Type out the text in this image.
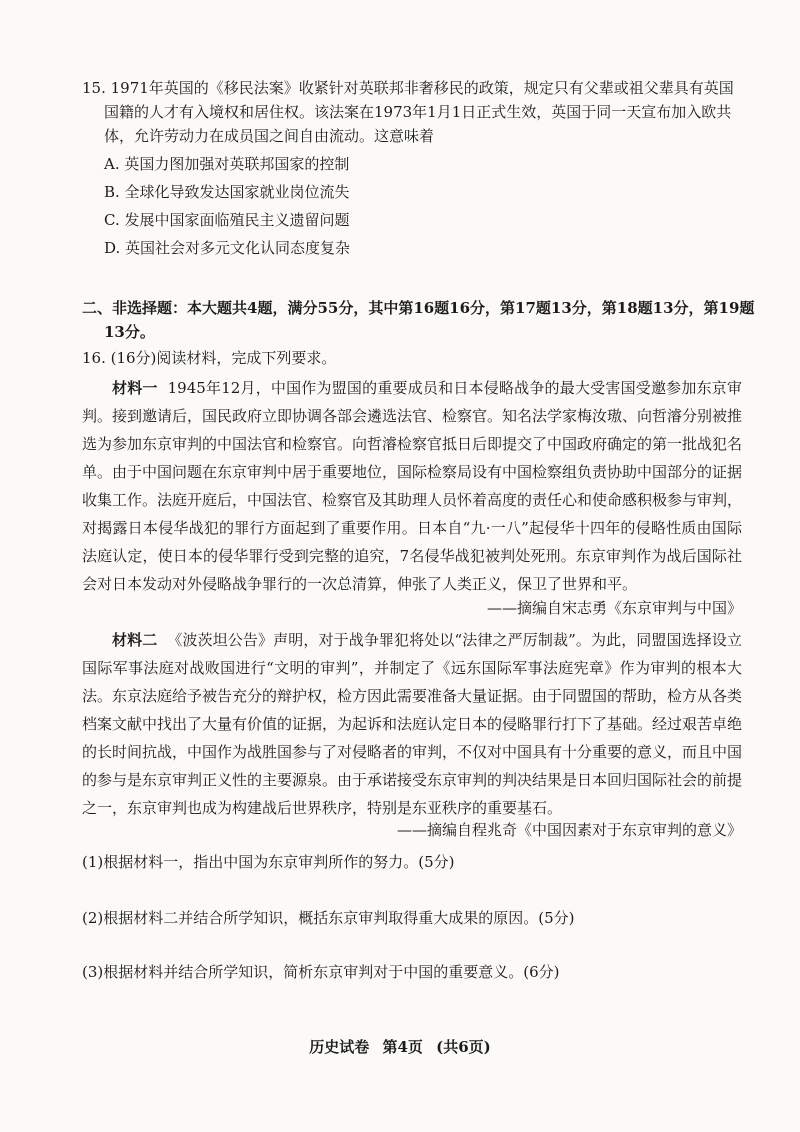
15. 1971年英国的《移民法案》收紧针对英联邦非奢移民的政策，规定只有父辈或祖父辈具有英国国籍的人才有入境权和居住权。该法案在1973年1月1日正式生效，英国于同一天宣布加入欧共体，允许劳动力在成员国之间自由流动。这意味着

A. 英国力图加强对英联邦国家的控制

B. 全球化导致发达国家就业岗位流失

C. 发展中国家面临殖民主义遗留问题

D. 英国社会对多元文化认同态度复杂

二、非选择题：本大题共4题，满分55分，其中第16题16分，第17题13分，第18题13分，第19题13分。

16. (16分)阅读材料，完成下列要求。

材料一 1945年12月，中国作为盟国的重要成员和日本侵略战争的最大受害国受邀参加东京审判。接到邀请后，国民政府立即协调各部会遴选法官、检察官。知名法学家梅汝璈、向哲濬分别被推选为参加东京审判的中国法官和检察官。向哲濬检察官抵日后即提交了中国政府确定的第一批战犯名单。由于中国问题在东京审判中居于重要地位，国际检察局设有中国检察组负责协助中国部分的证据收集工作。法庭开庭后，中国法官、检察官及其助理人员怀着高度的责任心和使命感积极参与审判，对揭露日本侵华战犯的罪行方面起到了重要作用。日本自“九·一八”起侵华十四年的侵略性质由国际法庭认定，使日本的侵华罪行受到完整的追究，7名侵华战犯被判处死刑。东京审判作为战后国际社会对日本发动对外侵略战争罪行的一次总清算，伸张了人类正义，保卫了世界和平。

——摘编自宋志勇《东京审判与中国》

材料二 《波茨坦公告》声明，对于战争罪犯将处以“法律之严厉制裁”。为此，同盟国选择设立国际军事法庭对战败国进行“文明的审判”，并制定了《远东国际军事法庭宪章》作为审判的根本大法。东京法庭给予被告充分的辩护权，检方因此需要准备大量证据。由于同盟国的帮助，检方从各类档案文献中找出了大量有价值的证据，为起诉和法庭认定日本的侵略罪行打下了基础。经过艰苦卓绝的长时间抗战，中国作为战胜国参与了对侵略者的审判，不仅对中国具有十分重要的意义，而且中国的参与是东京审判正义性的主要源泉。由于承诺接受东京审判的判决结果是日本回归国际社会的前提之一，东京审判也成为构建战后世界秩序，特别是东亚秩序的重要基石。

——摘编自程兆奇《中国因素对于东京审判的意义》

(1)根据材料一，指出中国为东京审判所作的努力。(5分)

(2)根据材料二并结合所学知识，概括东京审判取得重大成果的原因。(5分)

(3)根据材料并结合所学知识，简析东京审判对于中国的重要意义。(6分)

历史试卷 第4页 (共6页)
